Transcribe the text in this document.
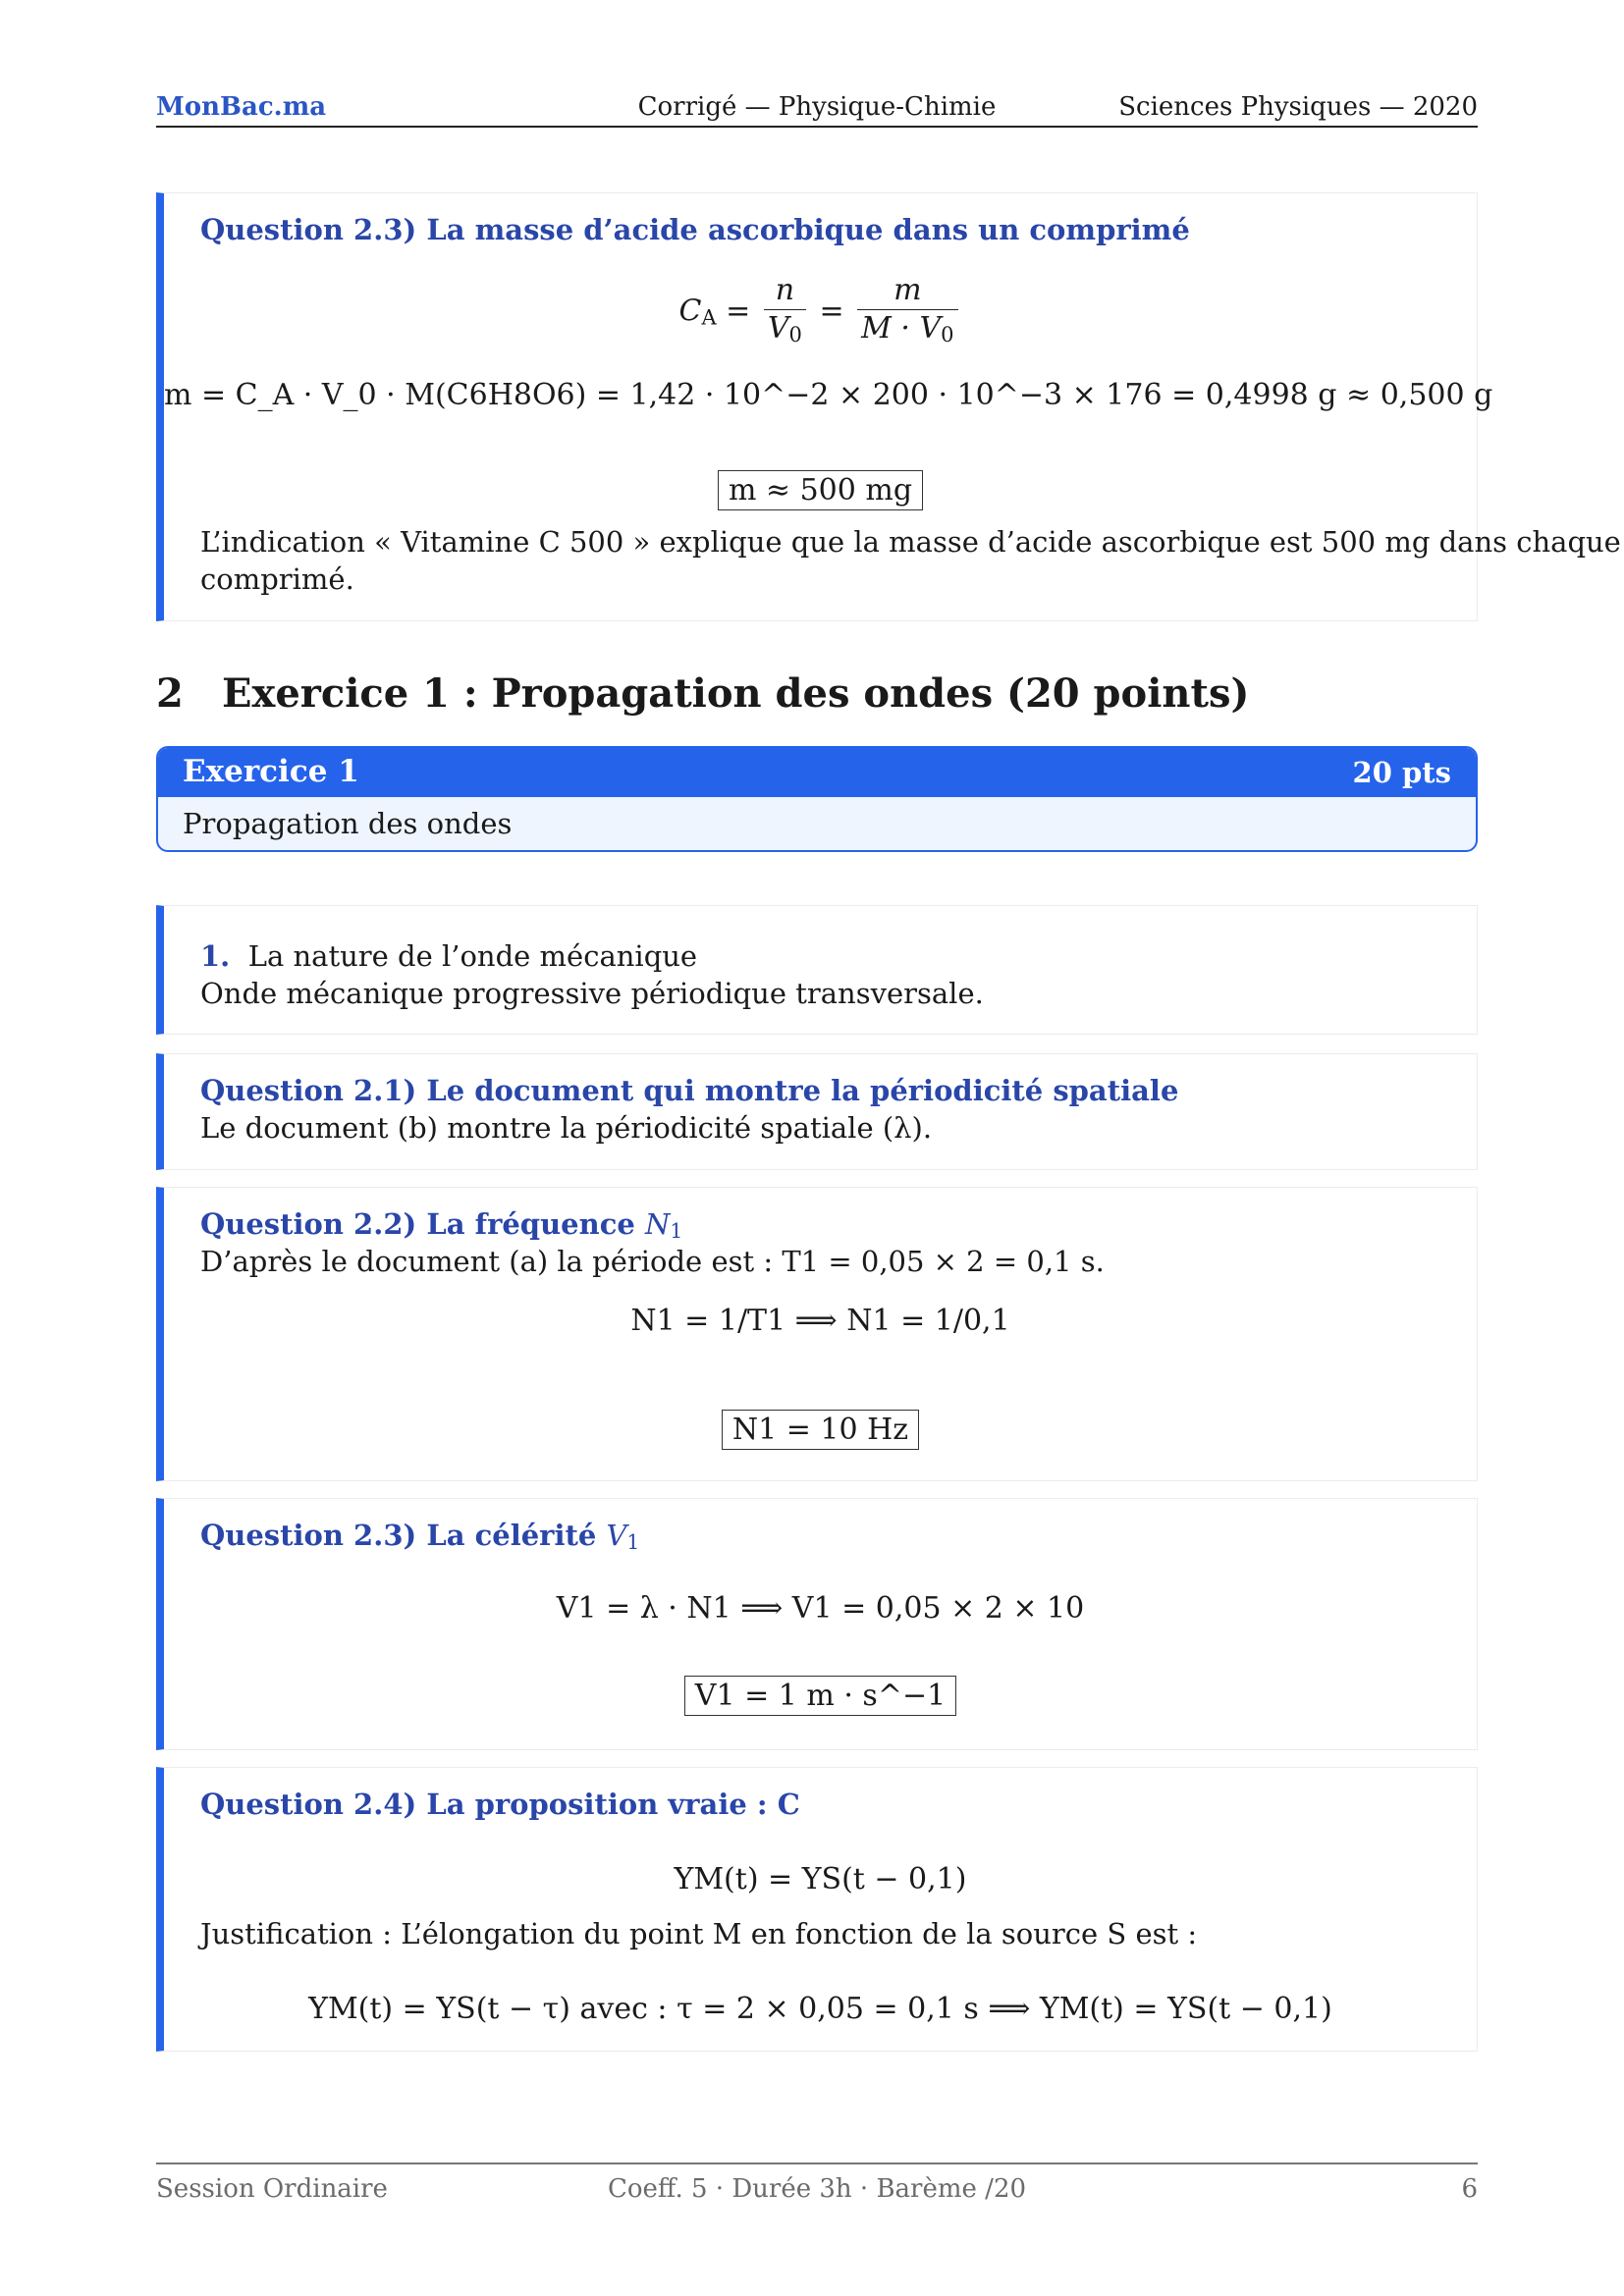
MonBac.ma	Corrigé — Physique-Chimie	Sciences Physiques — 2020
Question 2.3) La masse d’acide ascorbique dans un comprimé
$C_A = \frac{n}{V_0} = \frac{m}{M \cdot V_0}$
m = C_A · V_0 · M(C6H8O6) = 1,42 · 10^−2 × 200 · 10^−3 × 176 = 0,4998 g ≈ 0,500 g
m ≈ 500 mg
L’indication « Vitamine C 500 » explique que la masse d’acide ascorbique est 500 mg dans chaque
comprimé.
2 Exercice 1 : Propagation des ondes (20 points)
Exercice 1	20 pts
Propagation des ondes
1. La nature de l’onde mécanique
Onde mécanique progressive périodique transversale.
Question 2.1) Le document qui montre la périodicité spatiale
Le document (b) montre la périodicité spatiale (λ).
Question 2.2) La fréquence $N_1$
D’après le document (a) la période est : T1 = 0,05 × 2 = 0,1 s.
N1 = 1/T1 ⟹ N1 = 1/0,1
N1 = 10 Hz
Question 2.3) La célérité $V_1$
V1 = λ · N1 ⟹ V1 = 0,05 × 2 × 10
V1 = 1 m · s^−1
Question 2.4) La proposition vraie : C
YM(t) = YS(t − 0,1)
Justification : L’élongation du point M en fonction de la source S est :
YM(t) = YS(t − τ) avec : τ = 2 × 0,05 = 0,1 s ⟹ YM(t) = YS(t − 0,1)
Session Ordinaire	Coeff. 5 · Durée 3h · Barème /20	6
